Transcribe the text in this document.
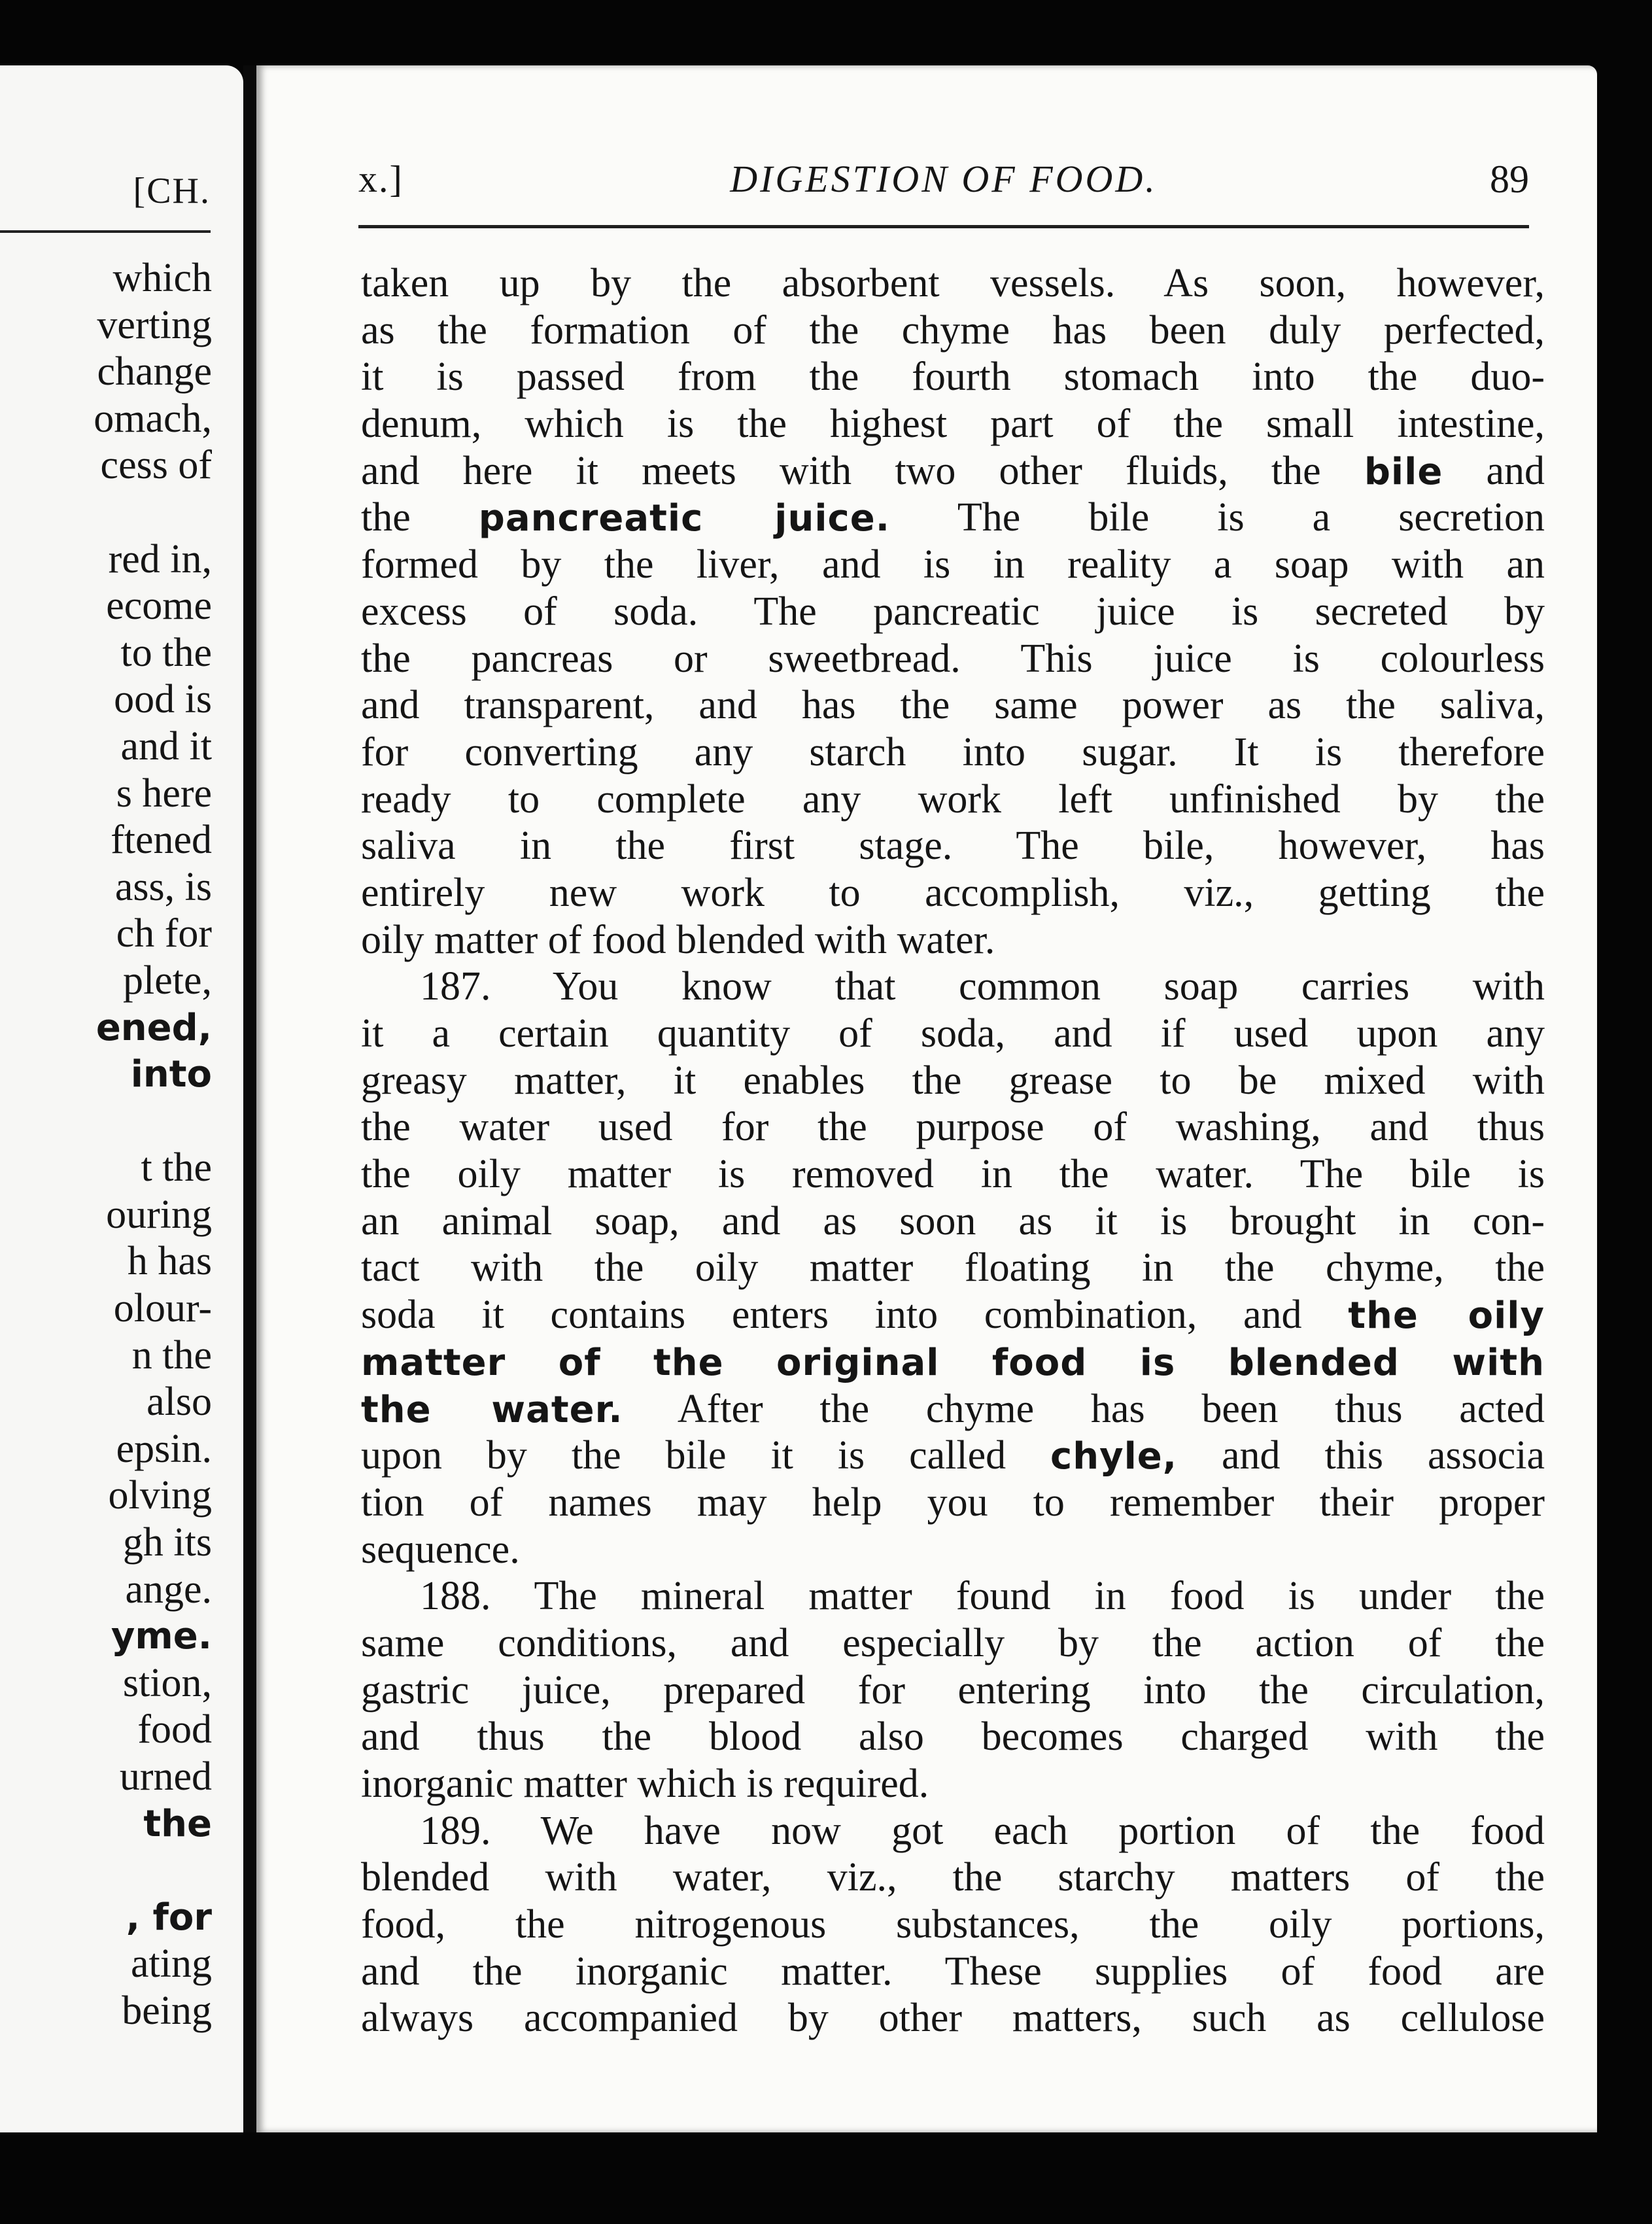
[CH.
which
verting
change
omach,
cess of

red in,
ecome
to the
ood is
and it
s here
ftened
ass, is
ch for
plete,
ened,
into

t the
ouring
h has
olour-
n the
also
epsin.
olving
gh its
ange.
yme.
stion,
food
urned
the

, for
ating
being
x.]	DIGESTION OF FOOD.	89
taken up by the absorbent vessels. As soon, however,
as the formation of the chyme has been duly perfected,
it is passed from the fourth stomach into the duo-
denum, which is the highest part of the small intestine,
and here it meets with two other fluids, the bile and
the pancreatic juice. The bile is a secretion
formed by the liver, and is in reality a soap with an
excess of soda. The pancreatic juice is secreted by
the pancreas or sweetbread. This juice is colourless
and transparent, and has the same power as the saliva,
for converting any starch into sugar. It is therefore
ready to complete any work left unfinished by the
saliva in the first stage. The bile, however, has
entirely new work to accomplish, viz., getting the
oily matter of food blended with water.
187. You know that common soap carries with
it a certain quantity of soda, and if used upon any
greasy matter, it enables the grease to be mixed with
the water used for the purpose of washing, and thus
the oily matter is removed in the water. The bile is
an animal soap, and as soon as it is brought in con-
tact with the oily matter floating in the chyme, the
soda it contains enters into combination, and the oily
matter of the original food is blended with
the water. After the chyme has been thus acted
upon by the bile it is called chyle, and this associa
tion of names may help you to remember their proper
sequence.
188. The mineral matter found in food is under the
same conditions, and especially by the action of the
gastric juice, prepared for entering into the circulation,
and thus the blood also becomes charged with the
inorganic matter which is required.
189. We have now got each portion of the food
blended with water, viz., the starchy matters of the
food, the nitrogenous substances, the oily portions,
and the inorganic matter. These supplies of food are
always accompanied by other matters, such as cellulose
